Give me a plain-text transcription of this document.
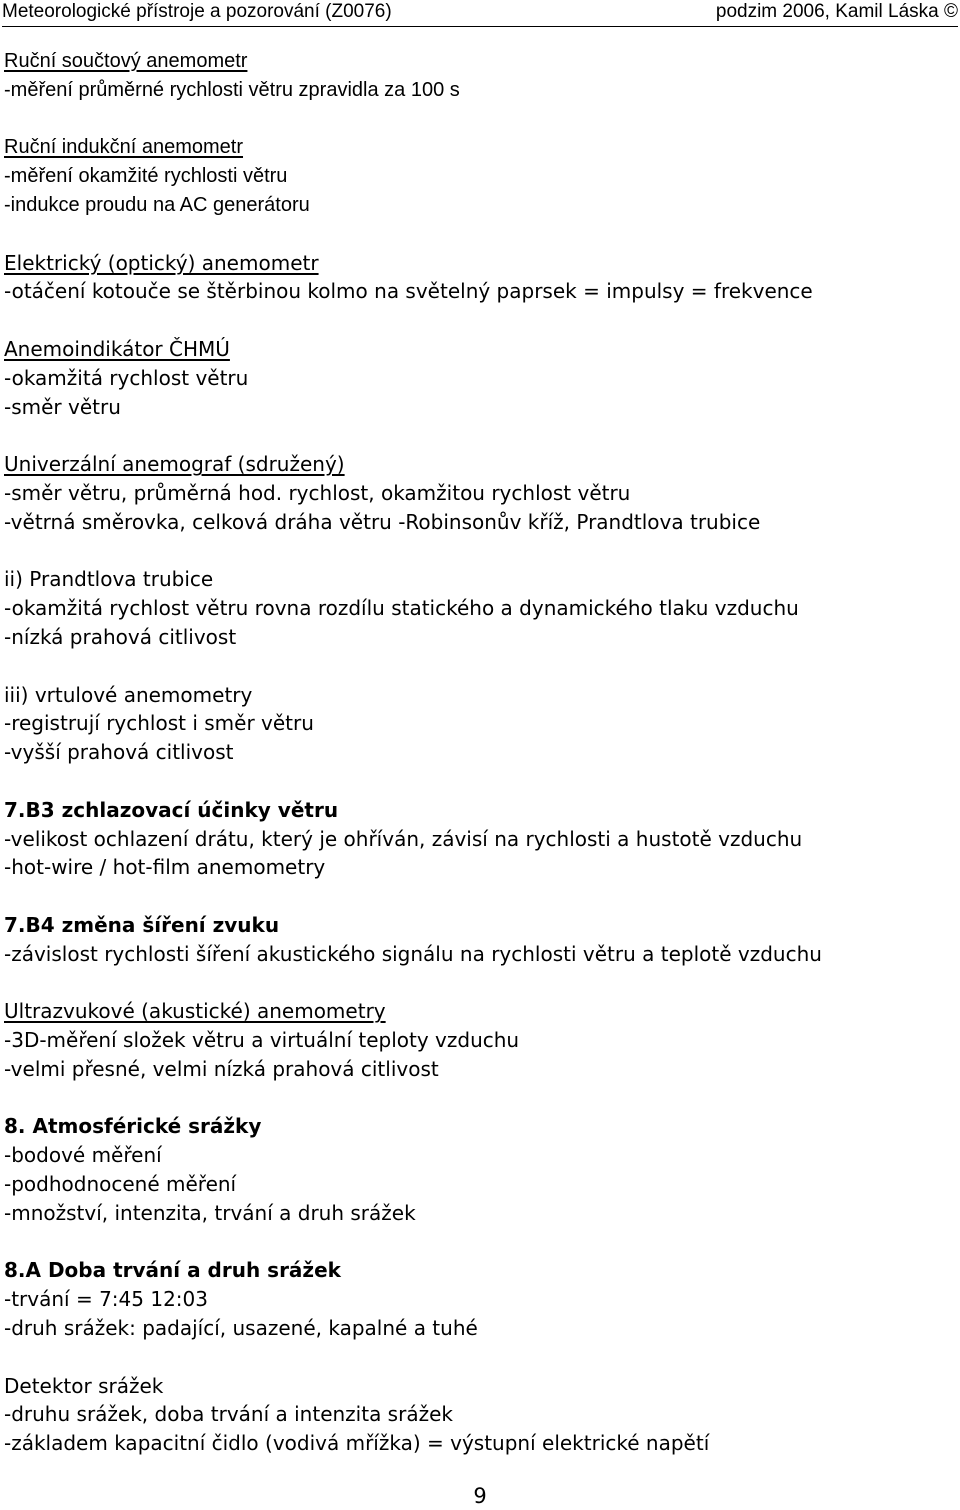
Meteorologické přístroje a pozorování (Z0076)	podzim 2006, Kamil Láska ©
Ruční součtový anemometr
-měření průměrné rychlosti větru zpravidla za 100 s
Ruční indukční anemometr
-měření okamžité rychlosti větru
-indukce proudu na AC generátoru
Elektrický (optický) anemometr
-otáčení kotouče se štěrbinou kolmo na světelný paprsek = impulsy = frekvence
Anemoindikátor ČHMÚ
-okamžitá rychlost větru
-směr větru
Univerzální anemograf (sdružený)
-směr větru, průměrná hod. rychlost, okamžitou rychlost větru
-větrná směrovka, celková dráha větru -Robinsonův kříž, Prandtlova trubice
ii) Prandtlova trubice
-okamžitá rychlost větru rovna rozdílu statického a dynamického tlaku vzduchu
-nízká prahová citlivost
iii) vrtulové anemometry
-registrují rychlost i směr větru
-vyšší prahová citlivost
7.B3 zchlazovací účinky větru
-velikost ochlazení drátu, který je ohříván, závisí na rychlosti a hustotě vzduchu
-hot-wire / hot-film anemometry
7.B4 změna šíření zvuku
-závislost rychlosti šíření akustického signálu na rychlosti větru a teplotě vzduchu
Ultrazvukové (akustické) anemometry
-3D-měření složek větru a virtuální teploty vzduchu
-velmi přesné, velmi nízká prahová citlivost
8. Atmosférické srážky
-bodové měření
-podhodnocené měření
-množství, intenzita, trvání a druh srážek
8.A Doba trvání a druh srážek
-trvání = 7:45 12:03
-druh srážek: padající, usazené, kapalné a tuhé
Detektor srážek
-druhu srážek, doba trvání a intenzita srážek
-základem kapacitní čidlo (vodivá mřížka) = výstupní elektrické napětí
9
